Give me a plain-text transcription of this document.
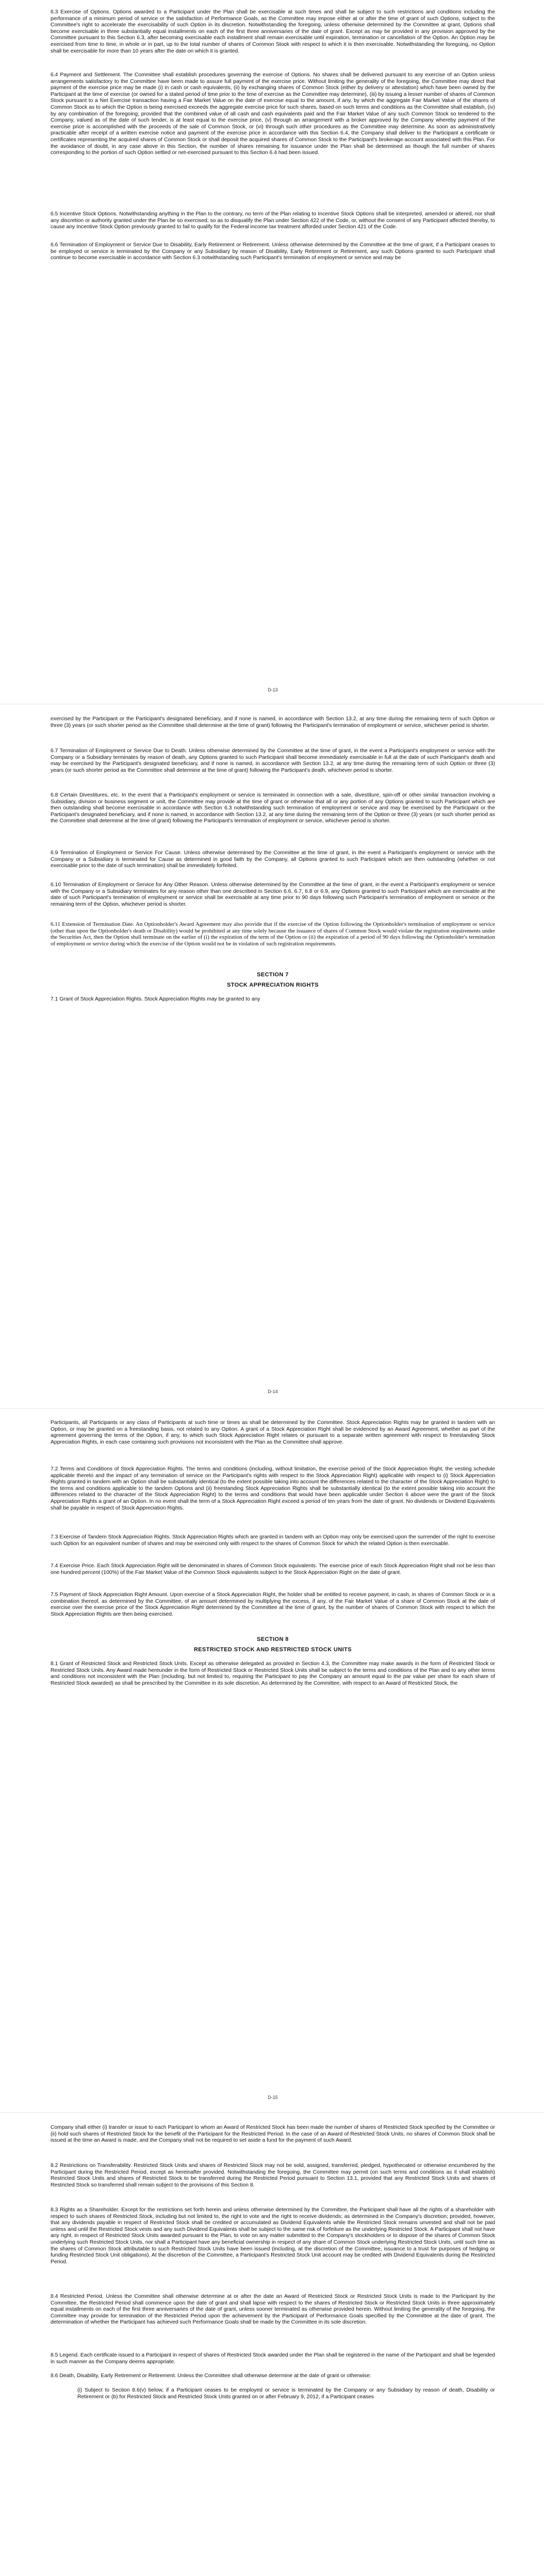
6.3 Exercise of Options. Options awarded to a Participant under the Plan shall be exercisable at such times and shall be subject to such restrictions and conditions including the performance of a minimum period of service or the satisfaction of Performance Goals, as the Committee may impose either at or after the time of grant of such Options, subject to the Committee's right to accelerate the exercisability of such Option in its discretion. Notwithstanding the foregoing, unless otherwise determined by the Committee at grant, Options shall become exercisable in three substantially equal installments on each of the first three anniversaries of the date of grant. Except as may be provided in any provision approved by the Committee pursuant to this Section 6.3, after becoming exercisable each installment shall remain exercisable until expiration, termination or cancellation of the Option. An Option may be exercised from time to time, in whole or in part, up to the total number of shares of Common Stock with respect to which it is then exercisable. Notwithstanding the foregoing, no Option shall be exercisable for more than 10 years after the date on which it is granted.

6.4 Payment and Settlement. The Committee shall establish procedures governing the exercise of Options. No shares shall be delivered pursuant to any exercise of an Option unless arrangements satisfactory to the Committee have been made to assure full payment of the exercise price. Without limiting the generality of the foregoing, the Committee may direct that payment of the exercise price may be made (i) in cash or cash equivalents, (ii) by exchanging shares of Common Stock (either by delivery or attestation) which have been owned by the Participant at the time of exercise (or owned for a stated period of time prior to the time of exercise as the Committee may determine), (iii) by issuing a lesser number of shares of Common Stock pursuant to a Net Exercise transaction having a Fair Market Value on the date of exercise equal to the amount, if any, by which the aggregate Fair Market Value of the shares of Common Stock as to which the Option is being exercised exceeds the aggregate exercise price for such shares, based on such terms and conditions as the Committee shall establish, (iv) by any combination of the foregoing; provided that the combined value of all cash and cash equivalents paid and the Fair Market Value of any such Common Stock so tendered to the Company, valued as of the date of such tender, is at least equal to the exercise price, (v) through an arrangement with a broker approved by the Company whereby payment of the exercise price is accomplished with the proceeds of the sale of Common Stock, or (vi) through such other procedures as the Committee may determine. As soon as administratively practicable after receipt of a written exercise notice and payment of the exercise price in accordance with this Section 6.4, the Company shall deliver to the Participant a certificate or certificates representing the acquired shares of Common Stock or shall deposit the acquired shares of Common Stock to the Participant's brokerage account associated with this Plan. For the avoidance of doubt, in any case above in this Section, the number of shares remaining for issuance under the Plan shall be determined as though the full number of shares corresponding to the portion of such Option settled or net-exercised pursuant to this Section 6.4 had been issued.

6.5 Incentive Stock Options. Notwithstanding anything in the Plan to the contrary, no term of the Plan relating to Incentive Stock Options shall be interpreted, amended or altered, nor shall any discretion or authority granted under the Plan be so exercised, so as to disqualify the Plan under Section 422 of the Code, or, without the consent of any Participant affected thereby, to cause any Incentive Stock Option previously granted to fail to qualify for the Federal income tax treatment afforded under Section 421 of the Code.

6.6 Termination of Employment or Service Due to Disability, Early Retirement or Retirement. Unless otherwise determined by the Committee at the time of grant, if a Participant ceases to be employed or service is terminated by the Company or any Subsidiary by reason of Disability, Early Retirement or Retirement, any such Options granted to such Participant shall continue to become exercisable in accordance with Section 6.3 notwithstanding such Participant's termination of employment or service and may be

D-13

exercised by the Participant or the Participant's designated beneficiary, and if none is named, in accordance with Section 13.2, at any time during the remaining term of such Option or three (3) years (or such shorter period as the Committee shall determine at the time of grant) following the Participant's termination of employment or service, whichever period is shorter.

6.7 Termination of Employment or Service Due to Death. Unless otherwise determined by the Committee at the time of grant, in the event a Participant's employment or service with the Company or a Subsidiary terminates by reason of death, any Options granted to such Participant shall become immediately exercisable in full at the date of such Participant's death and may be exercised by the Participant's designated beneficiary, and if none is named, in accordance with Section 13.2, at any time during the remaining term of such Option or three (3) years (or such shorter period as the Committee shall determine at the time of grant) following the Participant's death, whichever period is shorter.

6.8 Certain Divestitures, etc. In the event that a Participant's employment or service is terminated in connection with a sale, divestiture, spin-off or other similar transaction involving a Subsidiary, division or business segment or unit, the Committee may provide at the time of grant or otherwise that all or any portion of any Options granted to such Participant which are then outstanding shall become exercisable in accordance with Section 6.3 notwithstanding such termination of employment or service and may be exercised by the Participant or the Participant's designated beneficiary, and if none is named, in accordance with Section 13.2, at any time during the remaining term of the Option or three (3) years (or such shorter period as the Committee shall determine at the time of grant) following the Participant's termination of employment or service, whichever period is shorter.

6.9 Termination of Employment or Service For Cause. Unless otherwise determined by the Committee at the time of grant, in the event a Participant's employment or service with the Company or a Subsidiary is terminated for Cause as determined in good faith by the Company, all Options granted to such Participant which are then outstanding (whether or not exercisable prior to the date of such termination) shall be immediately forfeited.

6.10 Termination of Employment or Service for Any Other Reason. Unless otherwise determined by the Committee at the time of grant, in the event a Participant's employment or service with the Company or a Subsidiary terminates for any reason other than one described in Section 6.6, 6.7, 6.8 or 6.9, any Options granted to such Participant which are exercisable at the date of such Participant's termination of employment or service shall be exercisable at any time prior to 90 days following such Participant's termination of employment or service or the remaining term of the Option, whichever period is shorter.

6.11 Extension of Termination Date. An Optionholder's Award Agreement may also provide that if the exercise of the Option following the Optionholder's termination of employment or service (other than upon the Optionholder's death or Disability) would be prohibited at any time solely because the issuance of shares of Common Stock would violate the registration requirements under the Securities Act, then the Option shall terminate on the earlier of (i) the expiration of the term of the Option or (ii) the expiration of a period of 90 days following the Optionholder's termination of employment or service during which the exercise of the Option would not be in violation of such registration requirements.

SECTION 7
STOCK APPRECIATION RIGHTS

7.1 Grant of Stock Appreciation Rights. Stock Appreciation Rights may be granted to any

D-14

Participants, all Participants or any class of Participants at such time or times as shall be determined by the Committee. Stock Appreciation Rights may be granted in tandem with an Option, or may be granted on a freestanding basis, not related to any Option. A grant of a Stock Appreciation Right shall be evidenced by an Award Agreement, whether as part of the agreement governing the terms of the Option, if any, to which such Stock Appreciation Right relates or pursuant to a separate written agreement with respect to freestanding Stock Appreciation Rights, in each case containing such provisions not inconsistent with the Plan as the Committee shall approve.

7.2 Terms and Conditions of Stock Appreciation Rights. The terms and conditions (including, without limitation, the exercise period of the Stock Appreciation Right, the vesting schedule applicable thereto and the impact of any termination of service on the Participant's rights with respect to the Stock Appreciation Right) applicable with respect to (i) Stock Appreciation Rights granted in tandem with an Option shall be substantially identical (to the extent possible taking into account the differences related to the character of the Stock Appreciation Right) to the terms and conditions applicable to the tandem Options and (ii) freestanding Stock Appreciation Rights shall be substantially identical (to the extent possible taking into account the differences related to the character of the Stock Appreciation Right) to the terms and conditions that would have been applicable under Section 6 above were the grant of the Stock Appreciation Rights a grant of an Option. In no event shall the term of a Stock Appreciation Right exceed a period of ten years from the date of grant. No dividends or Dividend Equivalents shall be payable in respect of Stock Appreciation Rights.

7.3 Exercise of Tandem Stock Appreciation Rights. Stock Appreciation Rights which are granted in tandem with an Option may only be exercised upon the surrender of the right to exercise such Option for an equivalent number of shares and may be exercised only with respect to the shares of Common Stock for which the related Option is then exercisable.

7.4 Exercise Price. Each Stock Appreciation Right will be denominated in shares of Common Stock equivalents. The exercise price of each Stock Appreciation Right shall not be less than one hundred percent (100%) of the Fair Market Value of the Common Stock equivalents subject to the Stock Appreciation Right on the date of grant.

7.5 Payment of Stock Appreciation Right Amount. Upon exercise of a Stock Appreciation Right, the holder shall be entitled to receive payment, in cash, in shares of Common Stock or in a combination thereof, as determined by the Committee, of an amount determined by multiplying the excess, if any, of the Fair Market Value of a share of Common Stock at the date of exercise over the exercise price of the Stock Appreciation Right determined by the Committee at the time of grant, by the number of shares of Common Stock with respect to which the Stock Appreciation Rights are then being exercised.

SECTION 8
RESTRICTED STOCK AND RESTRICTED STOCK UNITS

8.1 Grant of Restricted Stock and Restricted Stock Units. Except as otherwise delegated as provided in Section 4.3, the Committee may make awards in the form of Restricted Stock or Restricted Stock Units. Any Award made hereunder in the form of Restricted Stock or Restricted Stock Units shall be subject to the terms and conditions of the Plan and to any other terms and conditions not inconsistent with the Plan (including, but not limited to, requiring the Participant to pay the Company an amount equal to the par value per share for each share of Restricted Stock awarded) as shall be prescribed by the Committee in its sole discretion. As determined by the Committee, with respect to an Award of Restricted Stock, the

D-15

Company shall either (i) transfer or issue to each Participant to whom an Award of Restricted Stock has been made the number of shares of Restricted Stock specified by the Committee or (ii) hold such shares of Restricted Stock for the benefit of the Participant for the Restricted Period. In the case of an Award of Restricted Stock Units, no shares of Common Stock shall be issued at the time an Award is made, and the Company shall not be required to set aside a fund for the payment of such Award.

8.2 Restrictions on Transferability. Restricted Stock Units and shares of Restricted Stock may not be sold, assigned, transferred, pledged, hypothecated or otherwise encumbered by the Participant during the Restricted Period, except as hereinafter provided. Notwithstanding the foregoing, the Committee may permit (on such terms and conditions as it shall establish) Restricted Stock Units and shares of Restricted Stock to be transferred during the Restricted Period pursuant to Section 13.1, provided that any Restricted Stock Units and shares of Restricted Stock so transferred shall remain subject to the provisions of this Section 8.

8.3 Rights as a Shareholder. Except for the restrictions set forth herein and unless otherwise determined by the Committee, the Participant shall have all the rights of a shareholder with respect to such shares of Restricted Stock, including but not limited to, the right to vote and the right to receive dividends; as determined in the Company's discretion; provided, however, that any dividends payable in respect of Restricted Stock shall be credited or accumulated as Dividend Equivalents while the Restricted Stock remains unvested and shall not be paid unless and until the Restricted Stock vests and any such Dividend Equivalents shall be subject to the same risk of forfeiture as the underlying Restricted Stock. A Participant shall not have any right, in respect of Restricted Stock Units awarded pursuant to the Plan, to vote on any matter submitted to the Company's stockholders or to dispose of the shares of Common Stock underlying such Restricted Stock Units, nor shall a Participant have any beneficial ownership in respect of any share of Common Stock underlying Restricted Stock Units, until such time as the shares of Common Stock attributable to such Restricted Stock Units have been issued (including, at the discretion of the Committee, issuance to a trust for purposes of hedging or funding Restricted Stock Unit obligations). At the discretion of the Committee, a Participant's Restricted Stock Unit account may be credited with Dividend Equivalents during the Restricted Period.

8.4 Restricted Period. Unless the Committee shall otherwise determine at or after the date an Award of Restricted Stock or Restricted Stock Units is made to the Participant by the Committee, the Restricted Period shall commence upon the date of grant and shall lapse with respect to the shares of Restricted Stock or Restricted Stock Units in three approximately equal installments on each of the first three anniversaries of the date of grant, unless sooner terminated as otherwise provided herein. Without limiting the generality of the foregoing, the Committee may provide for termination of the Restricted Period upon the achievement by the Participant of Performance Goals specified by the Committee at the date of grant. The determination of whether the Participant has achieved such Performance Goals shall be made by the Committee in its sole discretion.

8.5 Legend. Each certificate issued to a Participant in respect of shares of Restricted Stock awarded under the Plan shall be registered in the name of the Participant and shall be legended in such manner as the Company deems appropriate.

8.6 Death, Disability, Early Retirement or Retirement. Unless the Committee shall otherwise determine at the date of grant or otherwise:

(i) Subject to Section 8.6(v) below, if a Participant ceases to be employed or service is terminated by the Company or any Subsidiary by reason of death, Disability or Retirement or (b) for Restricted Stock and Restricted Stock Units granted on or after February 9, 2012, if a Participant ceases
